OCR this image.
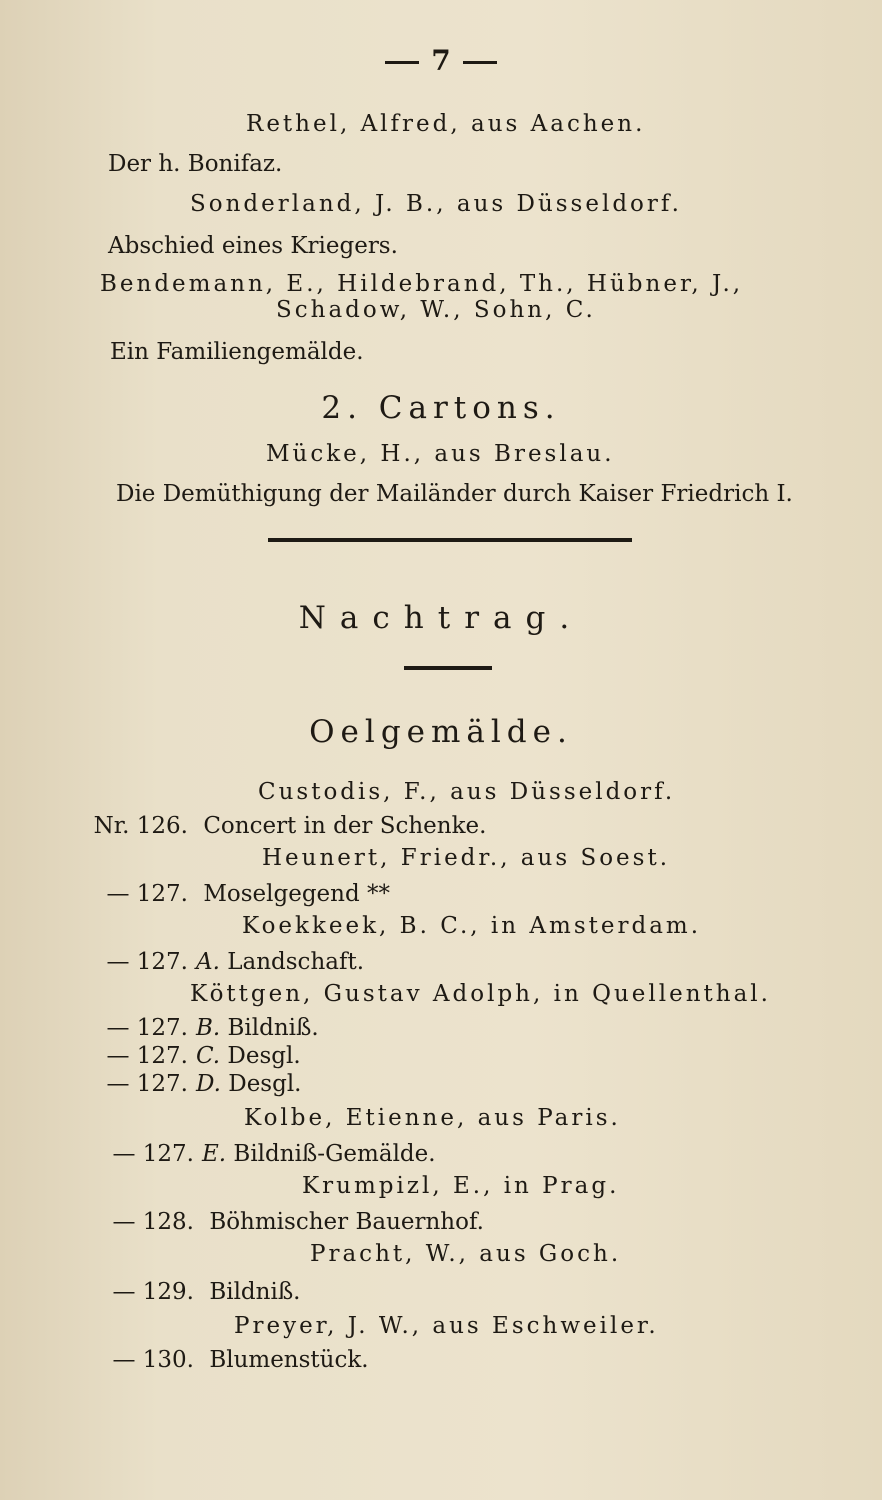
7
Rethel, Alfred, aus Aachen.
Der h. Bonifaz.
Sonderland, J. B., aus Düsseldorf.
Abschied eines Kriegers.
Bendemann, E., Hildebrand, Th., Hübner, J.,
Schadow, W., Sohn, C.
Ein Familiengemälde.
2. Cartons.
Mücke, H., aus Breslau.
Die Demüthigung der Mailänder durch Kaiser Friedrich I.
Nachtrag.
Oelgemälde.
Custodis, F., aus Düsseldorf.
Nr. 126. Concert in der Schenke.
Heunert, Friedr., aus Soest.
— 127. Moselgegend **
Koekkeek, B. C., in Amsterdam.
— 127. A. Landschaft.
Köttgen, Gustav Adolph, in Quellenthal.
— 127. B. Bildniß.
— 127. C. Desgl.
— 127. D. Desgl.
Kolbe, Etienne, aus Paris.
— 127. E. Bildniß-Gemälde.
Krumpizl, E., in Prag.
— 128. Böhmischer Bauernhof.
Pracht, W., aus Goch.
— 129. Bildniß.
Preyer, J. W., aus Eschweiler.
— 130. Blumenstück.
